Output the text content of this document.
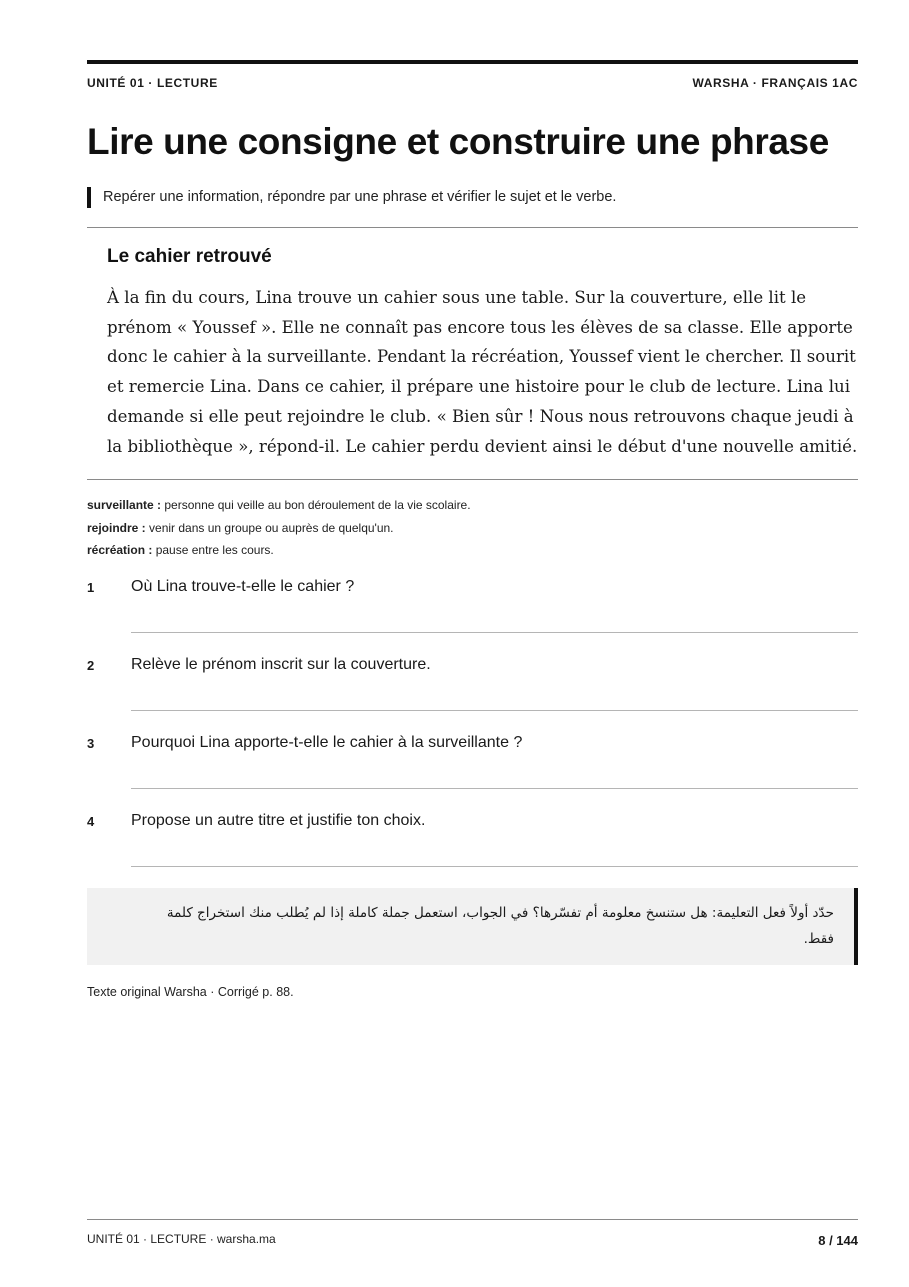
UNITÉ 01 · LECTURE	WARSHA · FRANÇAIS 1AC
Lire une consigne et construire une phrase
Repérer une information, répondre par une phrase et vérifier le sujet et le verbe.
Le cahier retrouvé

À la fin du cours, Lina trouve un cahier sous une table. Sur la couverture, elle lit le
prénom « Youssef ». Elle ne connaît pas encore tous les élèves de sa classe. Elle apporte
donc le cahier à la surveillante. Pendant la récréation, Youssef vient le chercher. Il sourit
et remercie Lina. Dans ce cahier, il prépare une histoire pour le club de lecture. Lina lui
demande si elle peut rejoindre le club. « Bien sûr ! Nous nous retrouvons chaque jeudi à
la bibliothèque », répond-il. Le cahier perdu devient ainsi le début d'une nouvelle amitié.

surveillante : personne qui veille au bon déroulement de la vie scolaire.
rejoindre : venir dans un groupe ou auprès de quelqu'un.
récréation : pause entre les cours.
1 Où Lina trouve-t-elle le cahier ?
2 Relève le prénom inscrit sur la couverture.
3 Pourquoi Lina apporte-t-elle le cahier à la surveillante ?
4 Propose un autre titre et justifie ton choix.

حدّد أولاً فعل التعليمة: هل ستنسخ معلومة أم تفسّرها؟ في الجواب، استعمل جملة كاملة إذا لم يُطلب منك استخراج كلمة فقط.

Texte original Warsha · Corrigé p. 88.
UNITÉ 01 · LECTURE · warsha.ma	8 / 144
